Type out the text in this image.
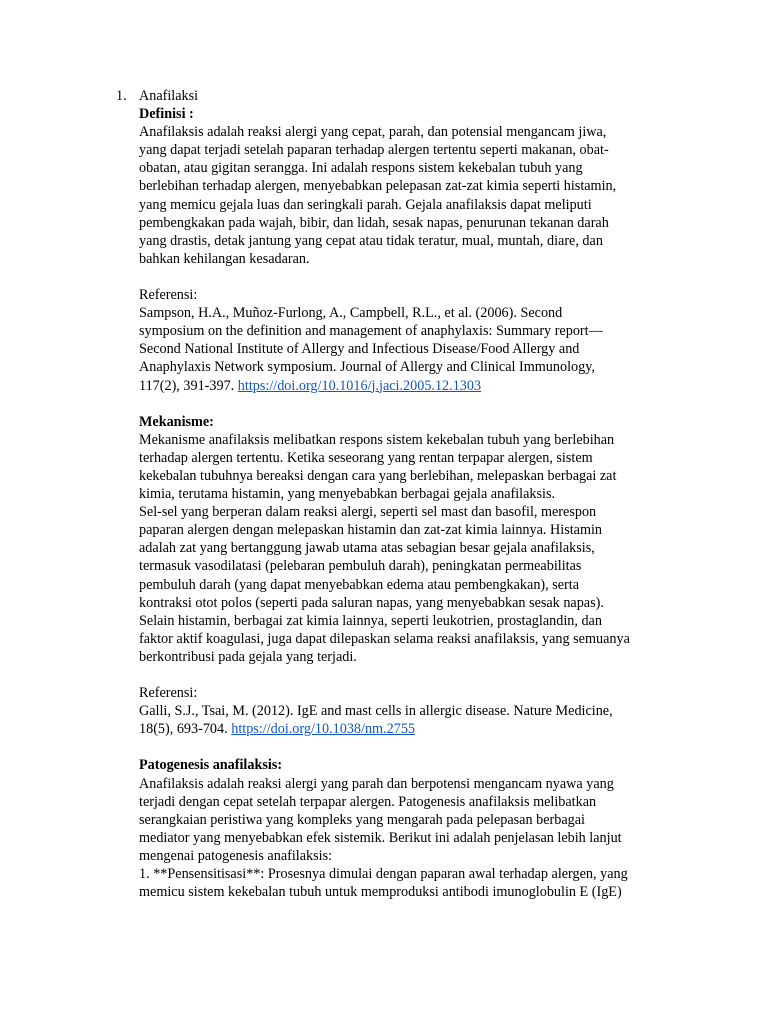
1. Anafilaksi
Definisi :
Anafilaksis adalah reaksi alergi yang cepat, parah, dan potensial mengancam jiwa,
yang dapat terjadi setelah paparan terhadap alergen tertentu seperti makanan, obat-
obatan, atau gigitan serangga. Ini adalah respons sistem kekebalan tubuh yang
berlebihan terhadap alergen, menyebabkan pelepasan zat-zat kimia seperti histamin,
yang memicu gejala luas dan seringkali parah. Gejala anafilaksis dapat meliputi
pembengkakan pada wajah, bibir, dan lidah, sesak napas, penurunan tekanan darah
yang drastis, detak jantung yang cepat atau tidak teratur, mual, muntah, diare, dan
bahkan kehilangan kesadaran.
Referensi:
Sampson, H.A., Muñoz-Furlong, A., Campbell, R.L., et al. (2006). Second
symposium on the definition and management of anaphylaxis: Summary report—
Second National Institute of Allergy and Infectious Disease/Food Allergy and
Anaphylaxis Network symposium. Journal of Allergy and Clinical Immunology,
117(2), 391-397. https://doi.org/10.1016/j.jaci.2005.12.1303
Mekanisme:
Mekanisme anafilaksis melibatkan respons sistem kekebalan tubuh yang berlebihan
terhadap alergen tertentu. Ketika seseorang yang rentan terpapar alergen, sistem
kekebalan tubuhnya bereaksi dengan cara yang berlebihan, melepaskan berbagai zat
kimia, terutama histamin, yang menyebabkan berbagai gejala anafilaksis.
Sel-sel yang berperan dalam reaksi alergi, seperti sel mast dan basofil, merespon
paparan alergen dengan melepaskan histamin dan zat-zat kimia lainnya. Histamin
adalah zat yang bertanggung jawab utama atas sebagian besar gejala anafilaksis,
termasuk vasodilatasi (pelebaran pembuluh darah), peningkatan permeabilitas
pembuluh darah (yang dapat menyebabkan edema atau pembengkakan), serta
kontraksi otot polos (seperti pada saluran napas, yang menyebabkan sesak napas).
Selain histamin, berbagai zat kimia lainnya, seperti leukotrien, prostaglandin, dan
faktor aktif koagulasi, juga dapat dilepaskan selama reaksi anafilaksis, yang semuanya
berkontribusi pada gejala yang terjadi.
Referensi:
Galli, S.J., Tsai, M. (2012). IgE and mast cells in allergic disease. Nature Medicine,
18(5), 693-704. https://doi.org/10.1038/nm.2755
Patogenesis anafilaksis:
Anafilaksis adalah reaksi alergi yang parah dan berpotensi mengancam nyawa yang
terjadi dengan cepat setelah terpapar alergen. Patogenesis anafilaksis melibatkan
serangkaian peristiwa yang kompleks yang mengarah pada pelepasan berbagai
mediator yang menyebabkan efek sistemik. Berikut ini adalah penjelasan lebih lanjut
mengenai patogenesis anafilaksis:
1. **Pensensitisasi**: Prosesnya dimulai dengan paparan awal terhadap alergen, yang
memicu sistem kekebalan tubuh untuk memproduksi antibodi imunoglobulin E (IgE)
